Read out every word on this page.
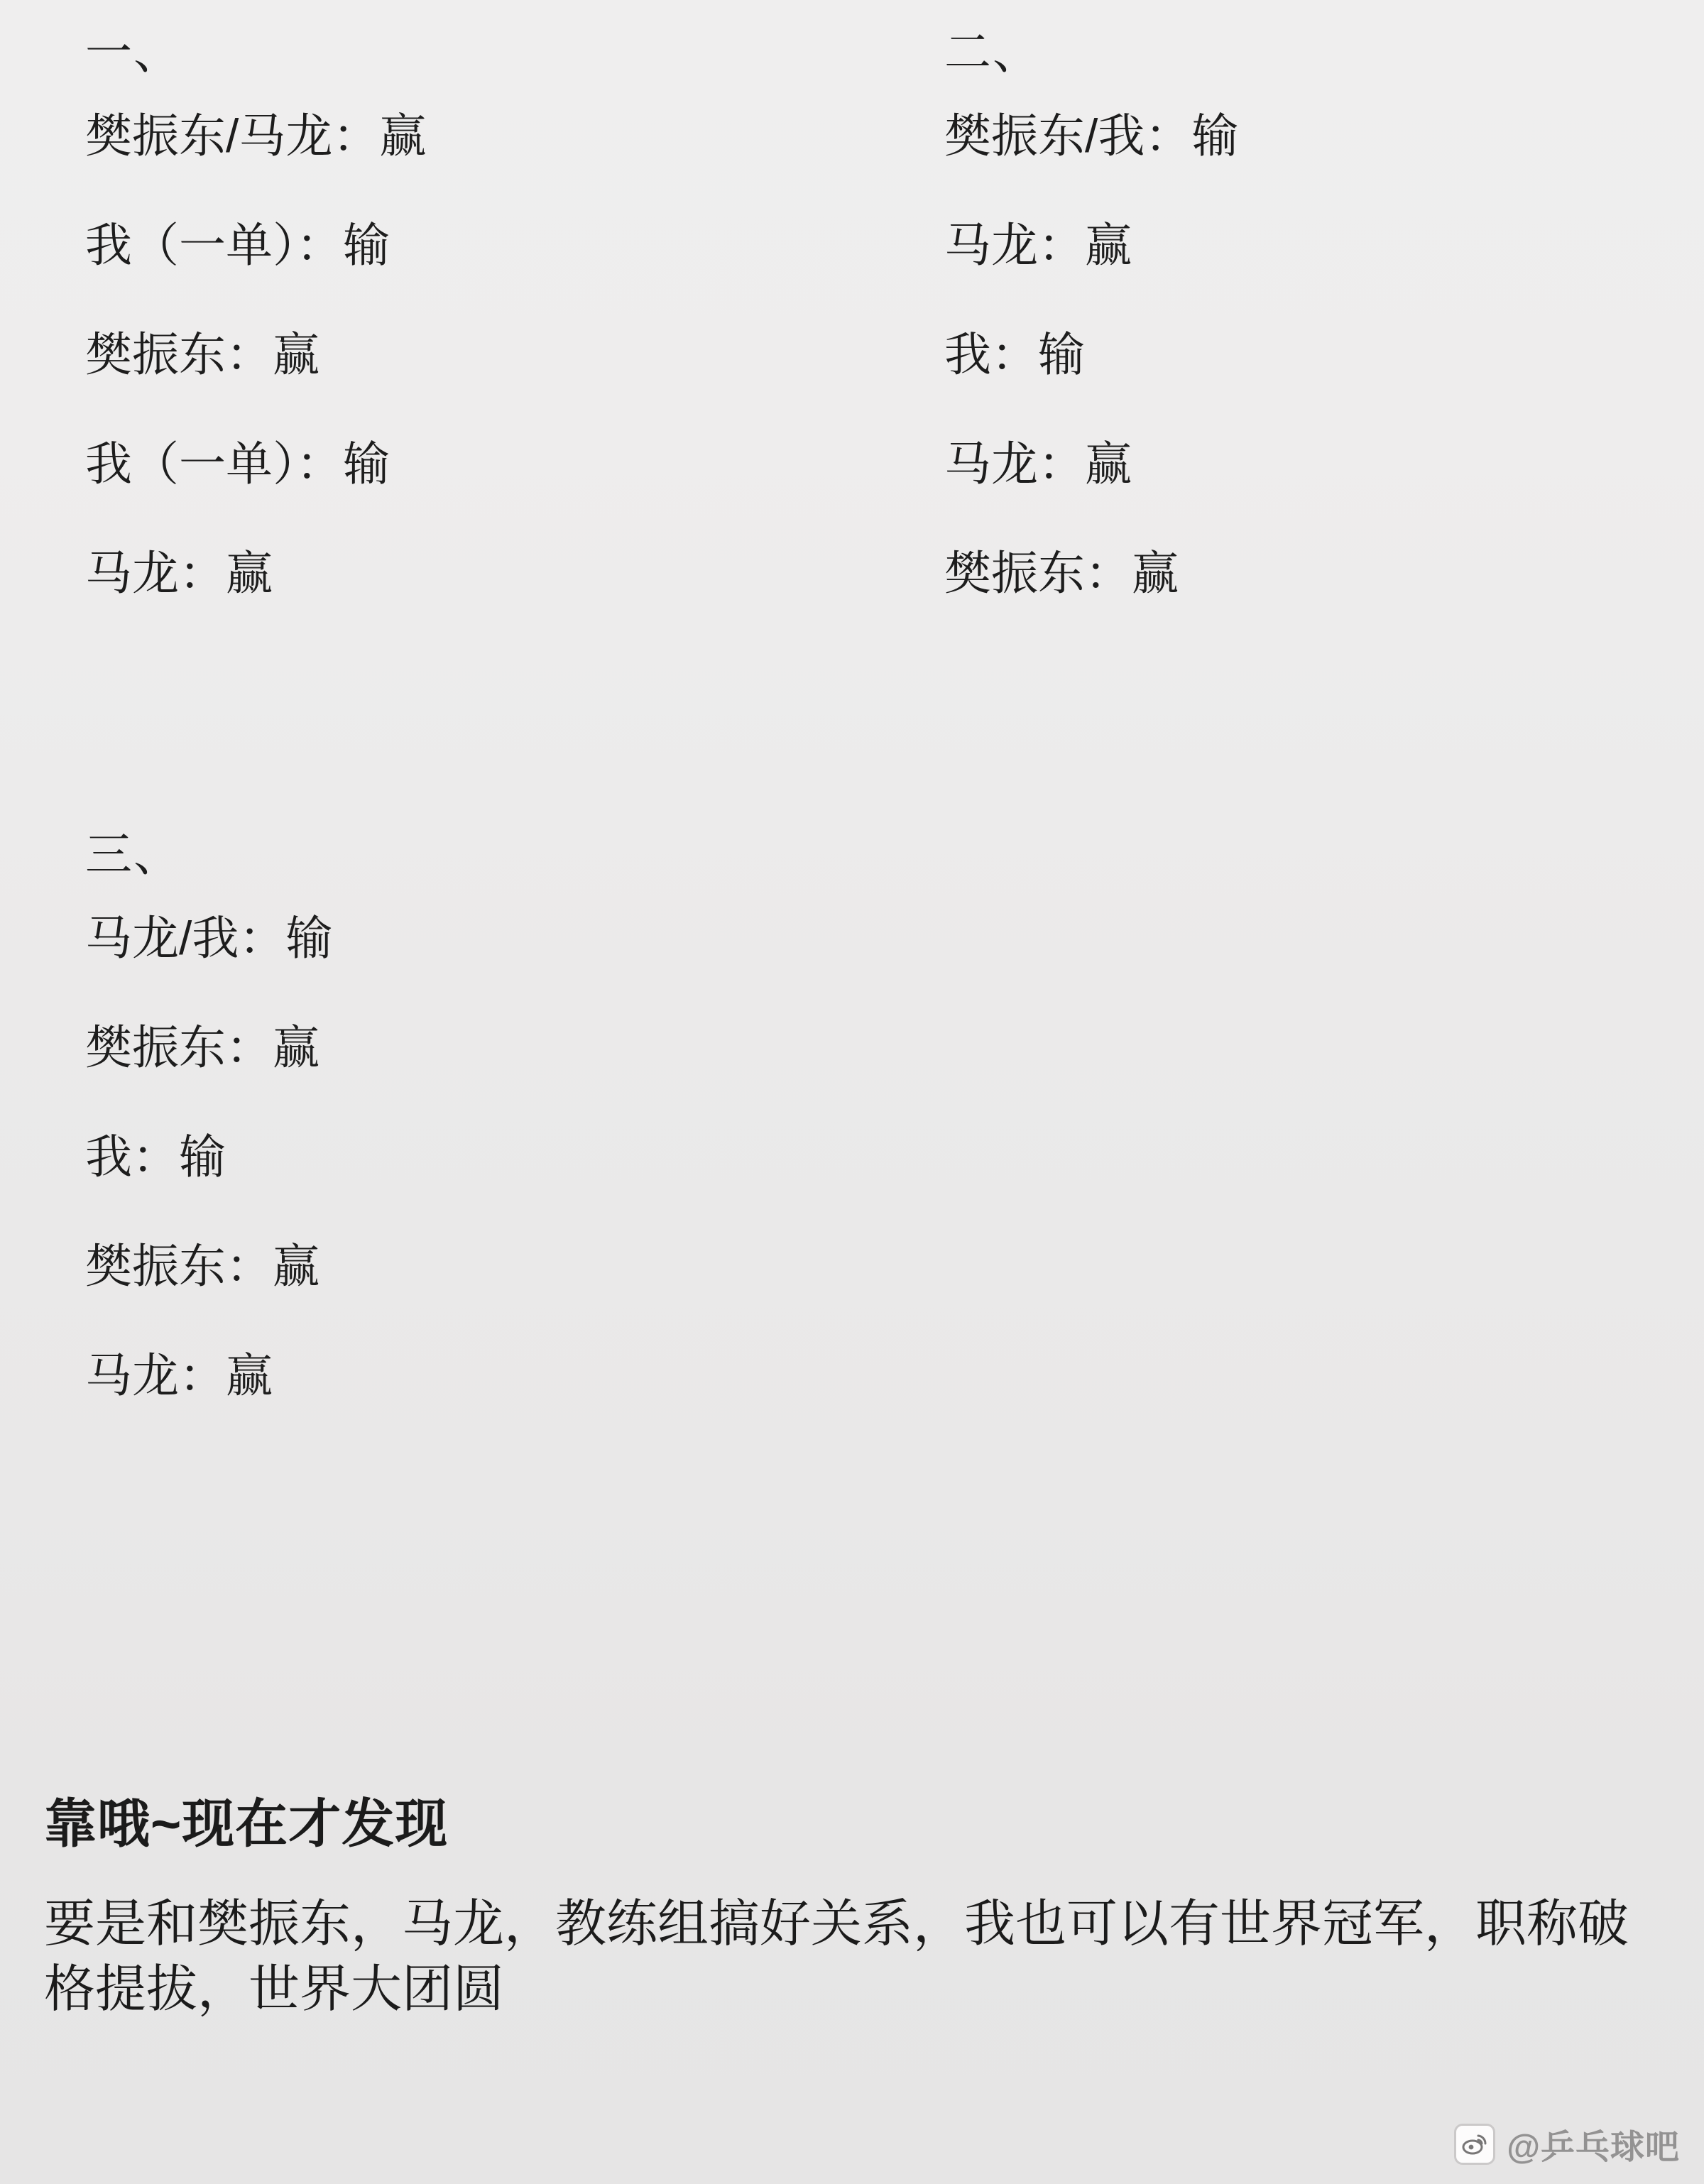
一、
樊振东/马龙：赢
我（一单）：输
樊振东：赢
我（一单）：输
马龙：赢
二、
樊振东/我：输
马龙：赢
我：输
马龙：赢
樊振东：赢
三、
马龙/我：输
樊振东：赢
我：输
樊振东：赢
马龙：赢
靠哦~现在才发现
要是和樊振东，马龙，教练组搞好关系，我也可以有世界冠军，职称破格提拔，世界大团圆
@乒乓球吧
